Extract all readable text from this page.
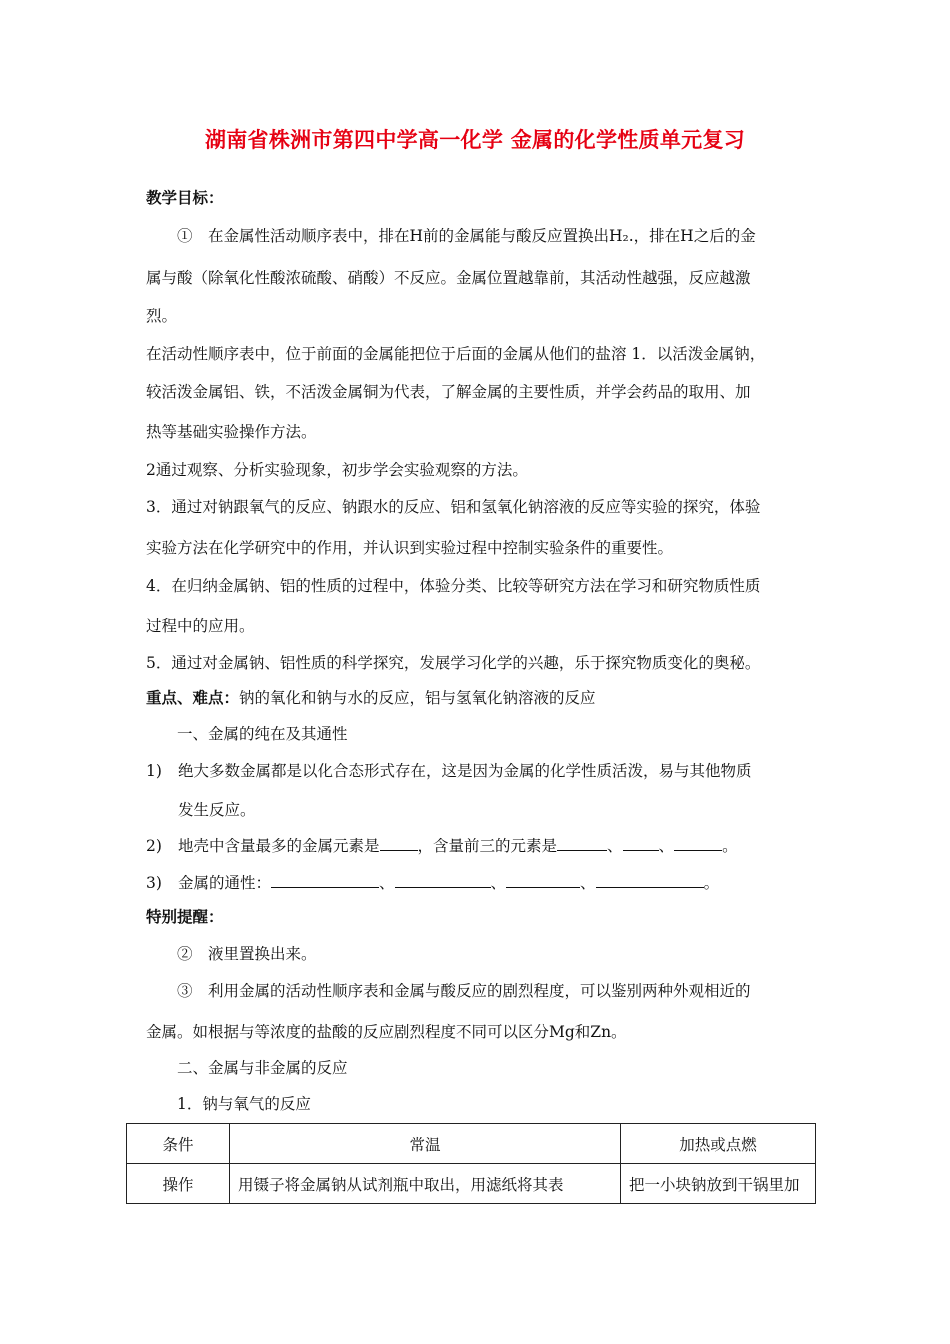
湖南省株洲市第四中学高一化学 金属的化学性质单元复习
教学目标：
①　在金属性活动顺序表中，排在H前的金属能与酸反应置换出H₂.，排在H之后的金
属与酸（除氧化性酸浓硫酸、硝酸）不反应。金属位置越靠前，其活动性越强，反应越激
烈。
在活动性顺序表中，位于前面的金属能把位于后面的金属从他们的盐溶 1．以活泼金属钠，
较活泼金属铝、铁，不活泼金属铜为代表，了解金属的主要性质，并学会药品的取用、加
热等基础实验操作方法。
2通过观察、分析实验现象，初步学会实验观察的方法。
3．通过对钠跟氧气的反应、钠跟水的反应、铝和氢氧化钠溶液的反应等实验的探究，体验
实验方法在化学研究中的作用，并认识到实验过程中控制实验条件的重要性。
4．在归纳金属钠、铝的性质的过程中，体验分类、比较等研究方法在学习和研究物质性质
过程中的应用。
5．通过对金属钠、铝性质的科学探究，发展学习化学的兴趣，乐于探究物质变化的奥秘。
重点、难点：钠的氧化和钠与水的反应，铝与氢氧化钠溶液的反应
一、金属的纯在及其通性
1) 绝大多数金属都是以化合态形式存在，这是因为金属的化学性质活泼，易与其他物质
发生反应。
2) 地壳中含量最多的金属元素是 ，含量前三的元素是	、 、	。
3) 金属的通性：	、	、	、	。
特别提醒：
②　液里置换出来。
③　利用金属的活动性顺序表和金属与酸反应的剧烈程度，可以鉴别两种外观相近的
金属。如根据与等浓度的盐酸的反应剧烈程度不同可以区分Mg和Zn。
二、金属与非金属的反应
1．钠与氧气的反应
条件	常温	加热或点燃
操作	用镊子将金属钠从试剂瓶中取出，用滤纸将其表	把一小块钠放到干锅里加
